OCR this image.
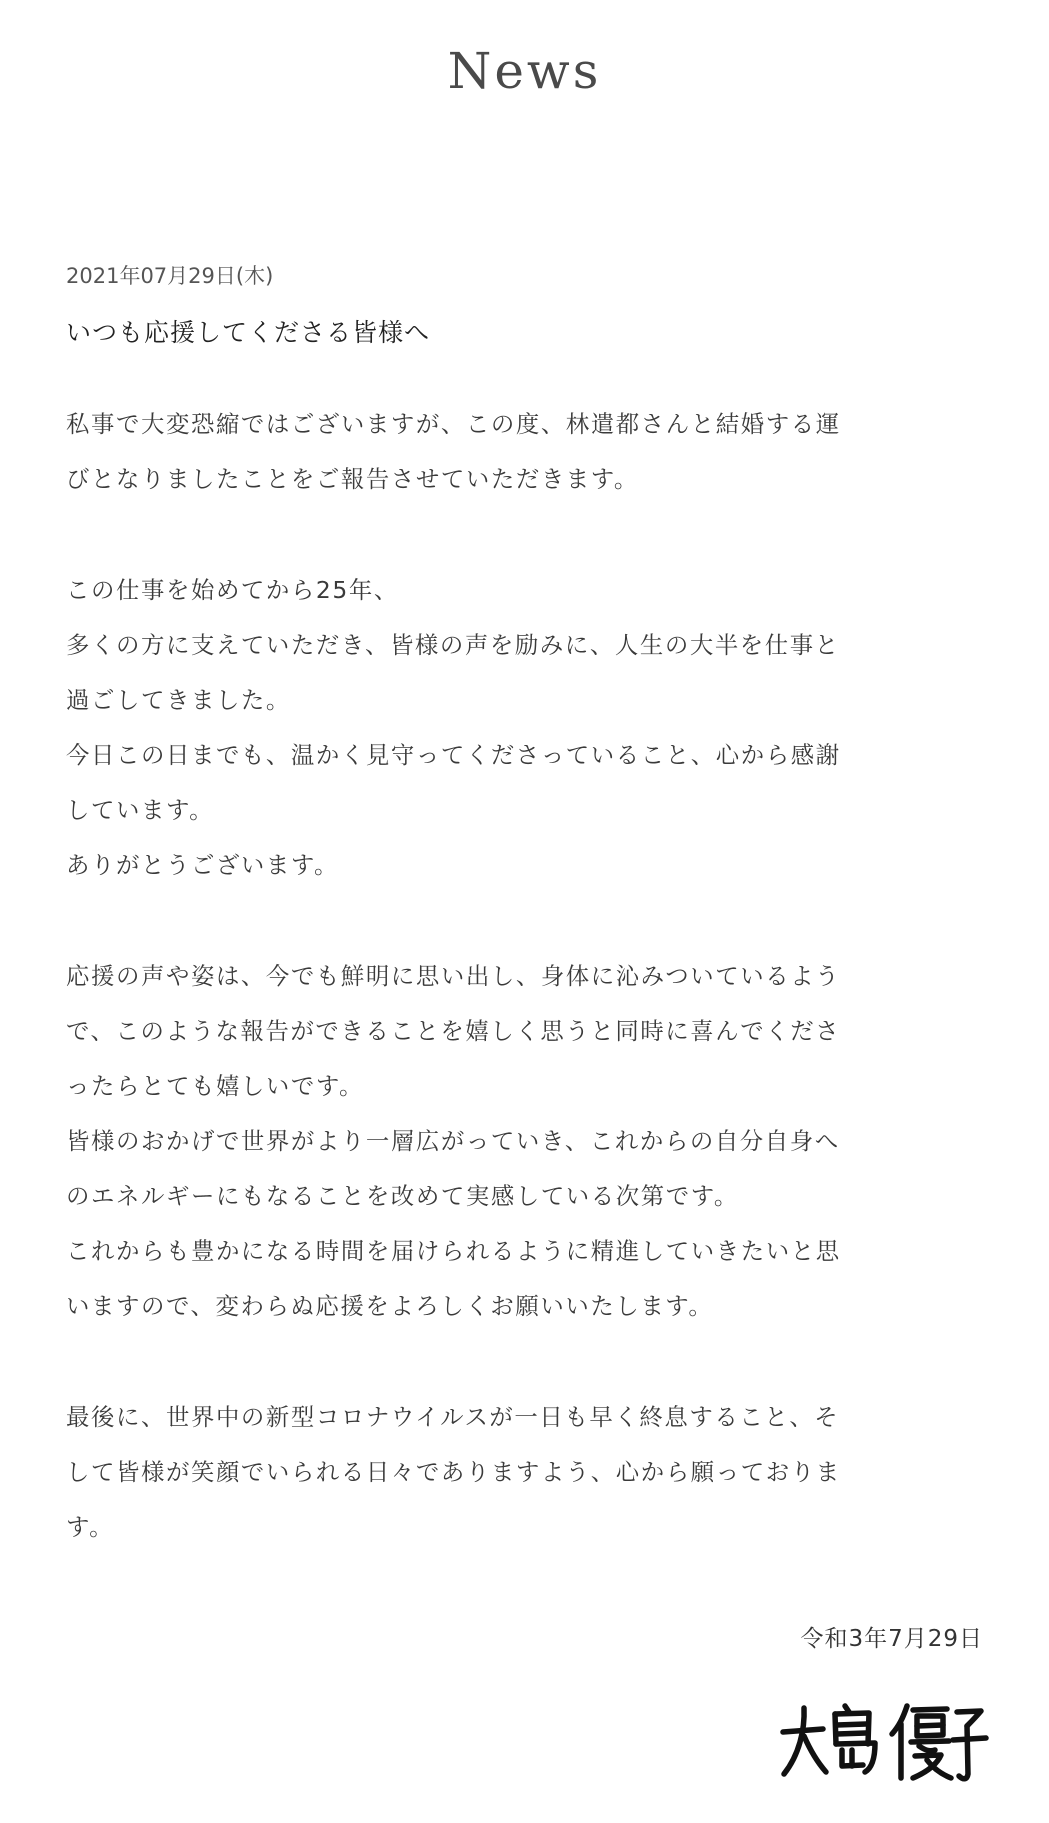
News
2021年07月29日(木)
いつも応援してくださる皆様へ
私事で大変恐縮ではございますが、この度、林遣都さんと結婚する運
びとなりましたことをご報告させていただきます。
この仕事を始めてから25年、
多くの方に支えていただき、皆様の声を励みに、人生の大半を仕事と
過ごしてきました。
今日この日までも、温かく見守ってくださっていること、心から感謝
しています。
ありがとうございます。
応援の声や姿は、今でも鮮明に思い出し、身体に沁みついているよう
で、このような報告ができることを嬉しく思うと同時に喜んでくださ
ったらとても嬉しいです。
皆様のおかげで世界がより一層広がっていき、これからの自分自身へ
のエネルギーにもなることを改めて実感している次第です。
これからも豊かになる時間を届けられるように精進していきたいと思
いますので、変わらぬ応援をよろしくお願いいたします。
最後に、世界中の新型コロナウイルスが一日も早く終息すること、そ
して皆様が笑顔でいられる日々でありますよう、心から願っておりま
す。
令和3年7月29日
